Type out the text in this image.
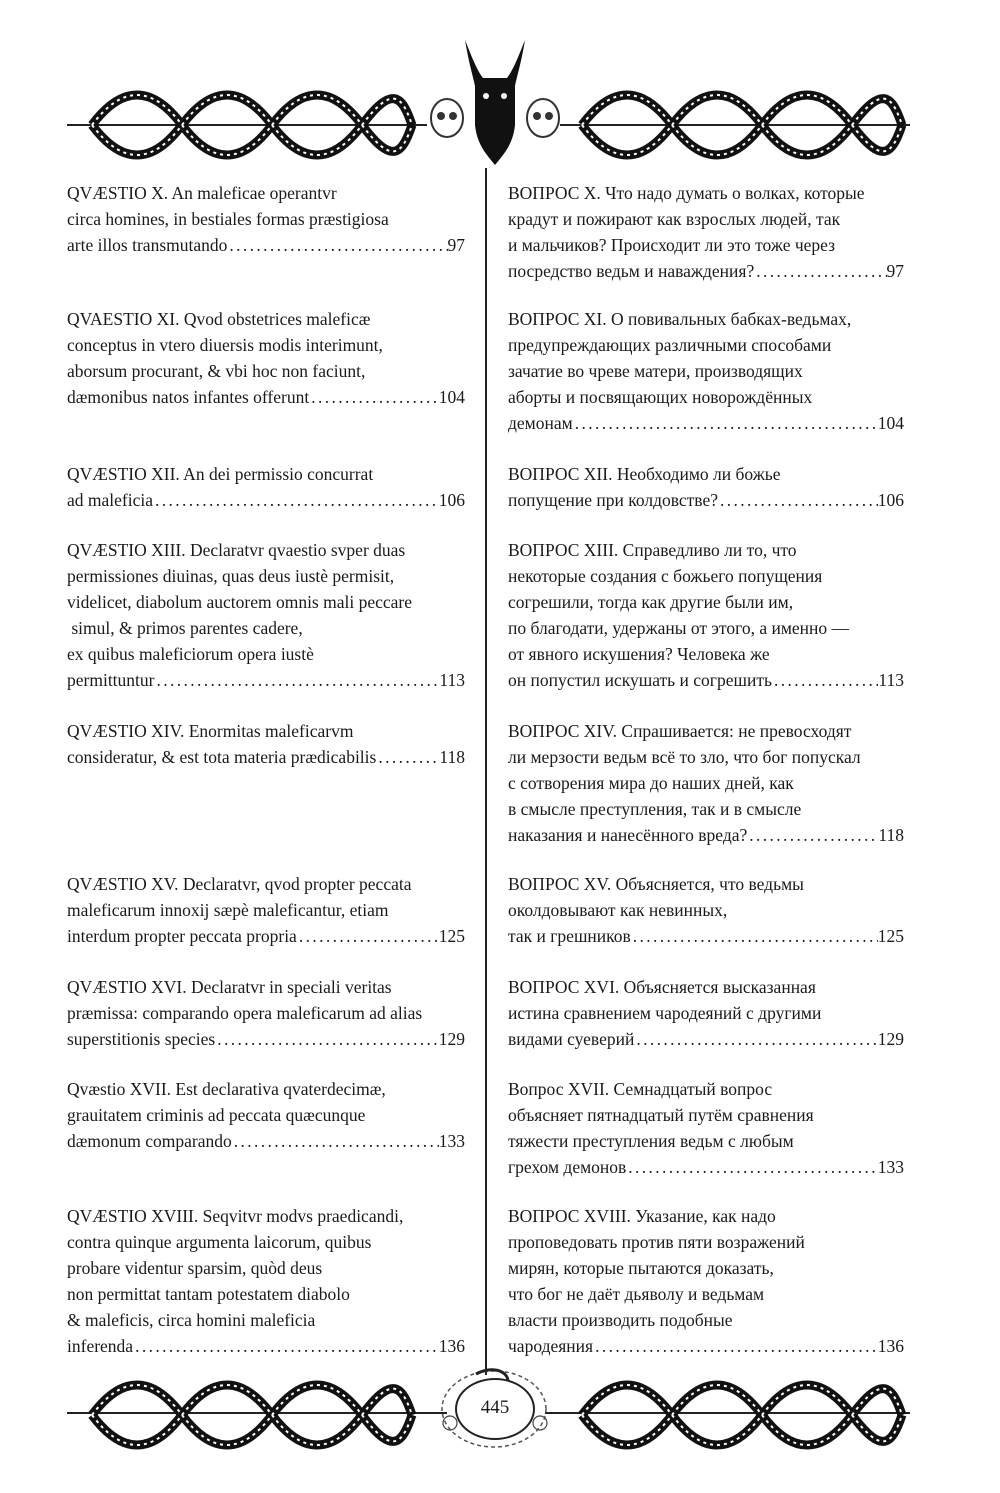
QVÆSTIO X. An maleficae operantvr
circa homines, in bestiales formas præstigiosa
arte illos transmutando . . .	97
QVAESTIO XI. Qvod obstetrices maleficæ
conceptus in vtero diuersis modis interimunt,
aborsum procurant, & vbi hoc non faciunt,
dæmonibus natos infantes offerunt . . .	104
QVÆSTIO XII. An dei permissio concurrat
ad maleficia . . .	106
QVÆSTIO XIII. Declaratvr qvaestio svper duas
permissiones diuinas, quas deus iustè permisit,
videlicet, diabolum auctorem omnis mali peccare
simul, & primos parentes cadere,
ex quibus maleficiorum opera iustè
permittuntur . . .	113
QVÆSTIO XIV. Enormitas maleficarvm
consideratur, & est tota materia prædicabilis . . .	118
QVÆSTIO XV. Declaratvr, qvod propter peccata
maleficarum innoxij sæpè maleficantur, etiam
interdum propter peccata propria . . .	125
QVÆSTIO XVI. Declaratvr in speciali veritas
præmissa: comparando opera maleficarum ad alias
superstitionis species . . .	129
Qvæstio XVII. Est declarativa qvaterdecimæ,
grauitatem criminis ad peccata quæcunque
dæmonum comparando . . .	133
QVÆSTIO XVIII. Seqvitvr modvs praedicandi,
contra quinque argumenta laicorum, quibus
probare videntur sparsim, quòd deus
non permittat tantam potestatem diabolo
& maleficis, circa homini maleficia
inferenda . . .	136
ВОПРОС X. Что надо думать о волках, которые
крадут и пожирают как взрослых людей, так
и мальчиков? Происходит ли это тоже через
посредство ведьм и наваждения? . . .	97
ВОПРОС XI. О повивальных бабках-ведьмах,
предупреждающих различными способами
зачатие во чреве матери, производящих
аборты и посвящающих новорождённых
демонам . . .	104
ВОПРОС XII. Необходимо ли божье
попущение при колдовстве? . . .	106
ВОПРОС XIII. Справедливо ли то, что
некоторые создания с божьего попущения
согрешили, тогда как другие были им,
по благодати, удержаны от этого, а именно —
от явного искушения? Человека же
он попустил искушать и согрешить . . .	113
ВОПРОС XIV. Спрашивается: не превосходят
ли мерзости ведьм всё то зло, что бог попускал
с сотворения мира до наших дней, как
в смысле преступления, так и в смысле
наказания и нанесённого вреда? . . .	118
ВОПРОС XV. Объясняется, что ведьмы
околдовывают как невинных,
так и грешников . . .	125
ВОПРОС XVI. Объясняется высказанная
истина сравнением чародеяний с другими
видами суеверий . . .	129
Вопрос XVII. Семнадцатый вопрос
объясняет пятнадцатый путём сравнения
тяжести преступления ведьм с любым
грехом демонов . . .	133
ВОПРОС XVIII. Указание, как надо
проповедовать против пяти возражений
мирян, которые пытаются доказать,
что бог не даёт дьяволу и ведьмам
власти производить подобные
чародеяния . . .	136
445
